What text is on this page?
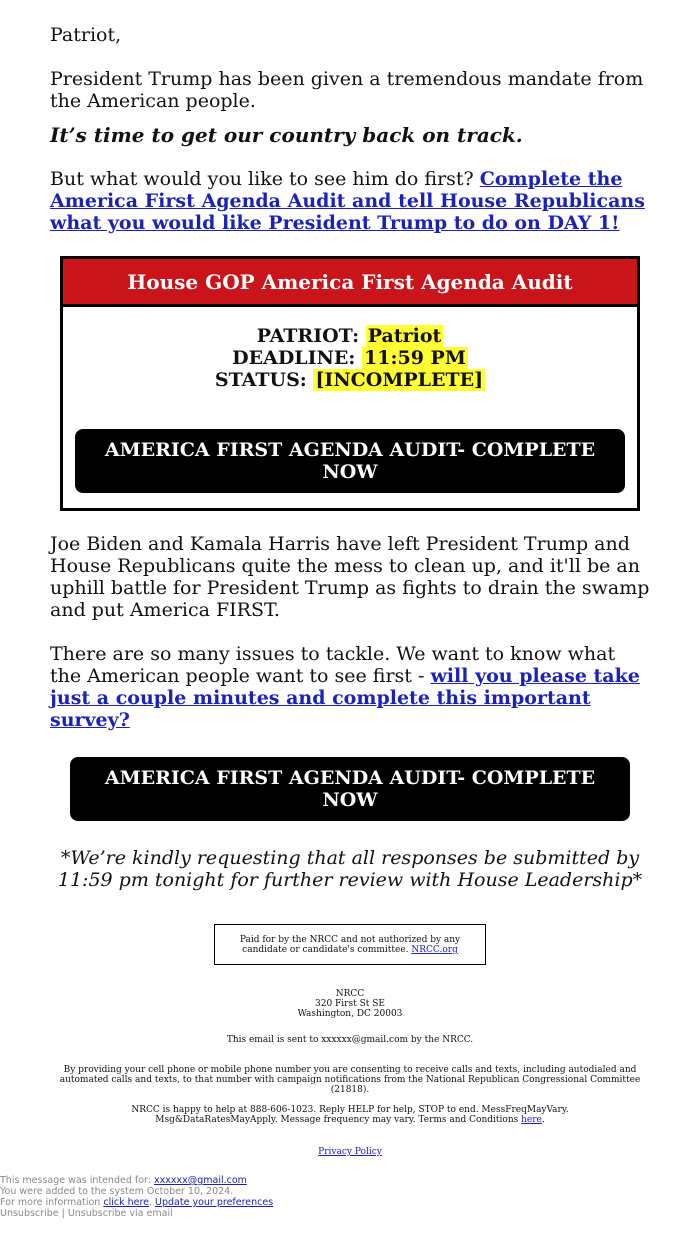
Patriot,

President Trump has been given a tremendous mandate from the American people.

It’s time to get our country back on track.

But what would you like to see him do first? Complete the America First Agenda Audit and tell House Republicans what you would like President Trump to do on DAY 1!

House GOP America First Agenda Audit
PATRIOT: Patriot
DEADLINE: 11:59 PM
STATUS: [INCOMPLETE]
AMERICA FIRST AGENDA AUDIT- COMPLETE NOW

Joe Biden and Kamala Harris have left President Trump and House Republicans quite the mess to clean up, and it'll be an uphill battle for President Trump as fights to drain the swamp and put America FIRST.

There are so many issues to tackle. We want to know what the American people want to see first - will you please take just a couple minutes and complete this important survey?

AMERICA FIRST AGENDA AUDIT- COMPLETE NOW

*We’re kindly requesting that all responses be submitted by 11:59 pm tonight for further review with House Leadership*

Paid for by the NRCC and not authorized by any candidate or candidate's committee. NRCC.org
NRCC
320 First St SE
Washington, DC 20003
This email is sent to xxxxxx@gmail.com by the NRCC.
By providing your cell phone or mobile phone number you are consenting to receive calls and texts, including autodialed and automated calls and texts, to that number with campaign notifications from the National Republican Congressional Committee (21818).
NRCC is happy to help at 888-606-1023. Reply HELP for help, STOP to end. MessFreqMayVary. Msg&DataRatesMayApply. Message frequency may vary. Terms and Conditions here.
Privacy Policy
This message was intended for: xxxxxx@gmail.com
You were added to the system October 10, 2024.
For more information click here. Update your preferences
Unsubscribe | Unsubscribe via email
